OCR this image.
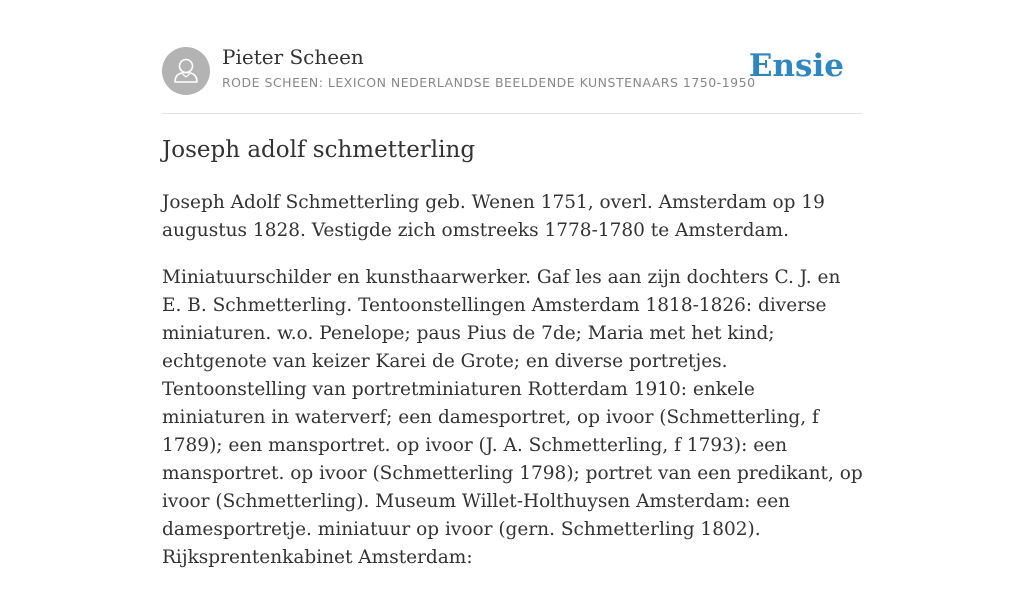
Pieter Scheen
RODE SCHEEN: LEXICON NEDERLANDSE BEELDENDE KUNSTENAARS 1750-1950
Ensie
Joseph adolf schmetterling

Joseph Adolf Schmetterling geb. Wenen 1751, overl. Amsterdam op 19 augustus 1828. Vestigde zich omstreeks 1778-1780 te Amsterdam.

Miniatuurschilder en kunsthaarwerker. Gaf les aan zijn dochters C. J. en E. B. Schmetterling. Tentoonstellingen Amsterdam 1818-1826: diverse miniaturen. w.o. Penelope; paus Pius de 7de; Maria met het kind; echtgenote van keizer Karei de Grote; en diverse portretjes. Tentoonstelling van portretminiaturen Rotterdam 1910: enkele miniaturen in waterverf; een damesportret, op ivoor (Schmetterling, f 1789); een mansportret. op ivoor (J. A. Schmetterling, f 1793): een mansportret. op ivoor (Schmetterling 1798); portret van een predikant, op ivoor (Schmetterling). Museum Willet-Holthuysen Amsterdam: een damesportretje. miniatuur op ivoor (gern. Schmetterling 1802). Rijksprentenkabinet Amsterdam:
